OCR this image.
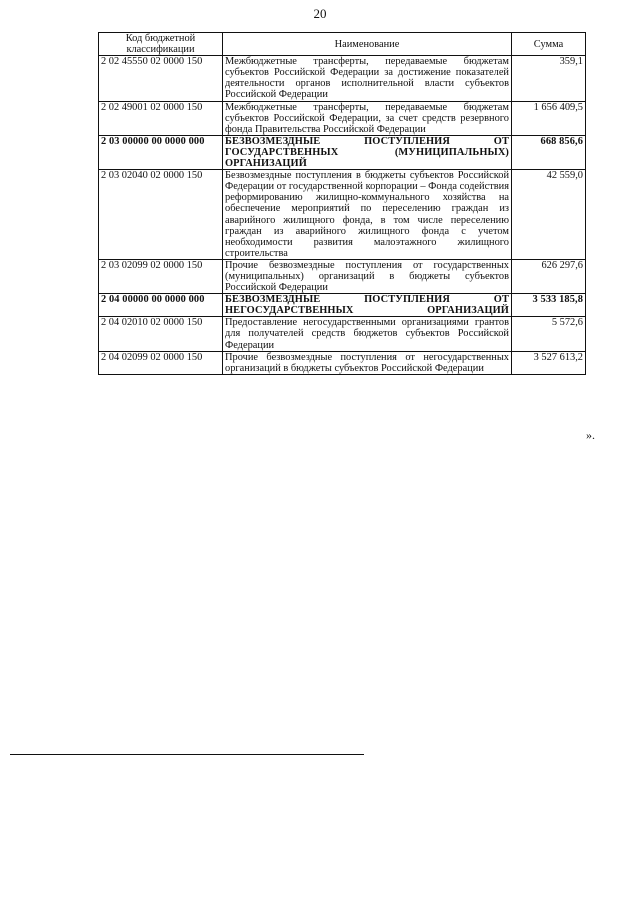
20
Код бюджетной классификации	Наименование	Сумма
2 02 45550 02 0000 150	Межбюджетные трансферты, передаваемые бюджетам субъектов Российской Федерации за достижение показателей деятельности органов исполнительной власти субъектов Российской Федерации	359,1
2 02 49001 02 0000 150	Межбюджетные трансферты, передаваемые бюджетам субъектов Российской Федерации, за счет средств резервного фонда Правительства Российской Федерации	1 656 409,5
2 03 00000 00 0000 000	БЕЗВОЗМЕЗДНЫЕ ПОСТУПЛЕНИЯ ОТ ГОСУДАРСТВЕННЫХ (МУНИЦИПАЛЬНЫХ) ОРГАНИЗАЦИЙ	668 856,6
2 03 02040 02 0000 150	Безвозмездные поступления в бюджеты субъектов Российской Федерации от государственной корпорации – Фонда содействия реформированию жилищно-коммунального хозяйства на обеспечение мероприятий по переселению граждан из аварийного жилищного фонда, в том числе переселению граждан из аварийного жилищного фонда с учетом необходимости развития малоэтажного жилищного строительства	42 559,0
2 03 02099 02 0000 150	Прочие безвозмездные поступления от государственных (муниципальных) организаций в бюджеты субъектов Российской Федерации	626 297,6
2 04 00000 00 0000 000	БЕЗВОЗМЕЗДНЫЕ ПОСТУПЛЕНИЯ ОТ НЕГОСУДАРСТВЕННЫХ ОРГАНИЗАЦИЙ	3 533 185,8
2 04 02010 02 0000 150	Предоставление негосударственными организациями грантов для получателей средств бюджетов субъектов Российской Федерации	5 572,6
2 04 02099 02 0000 150	Прочие безвозмездные поступления от негосударственных организаций в бюджеты субъектов Российской Федерации	3 527 613,2
».
